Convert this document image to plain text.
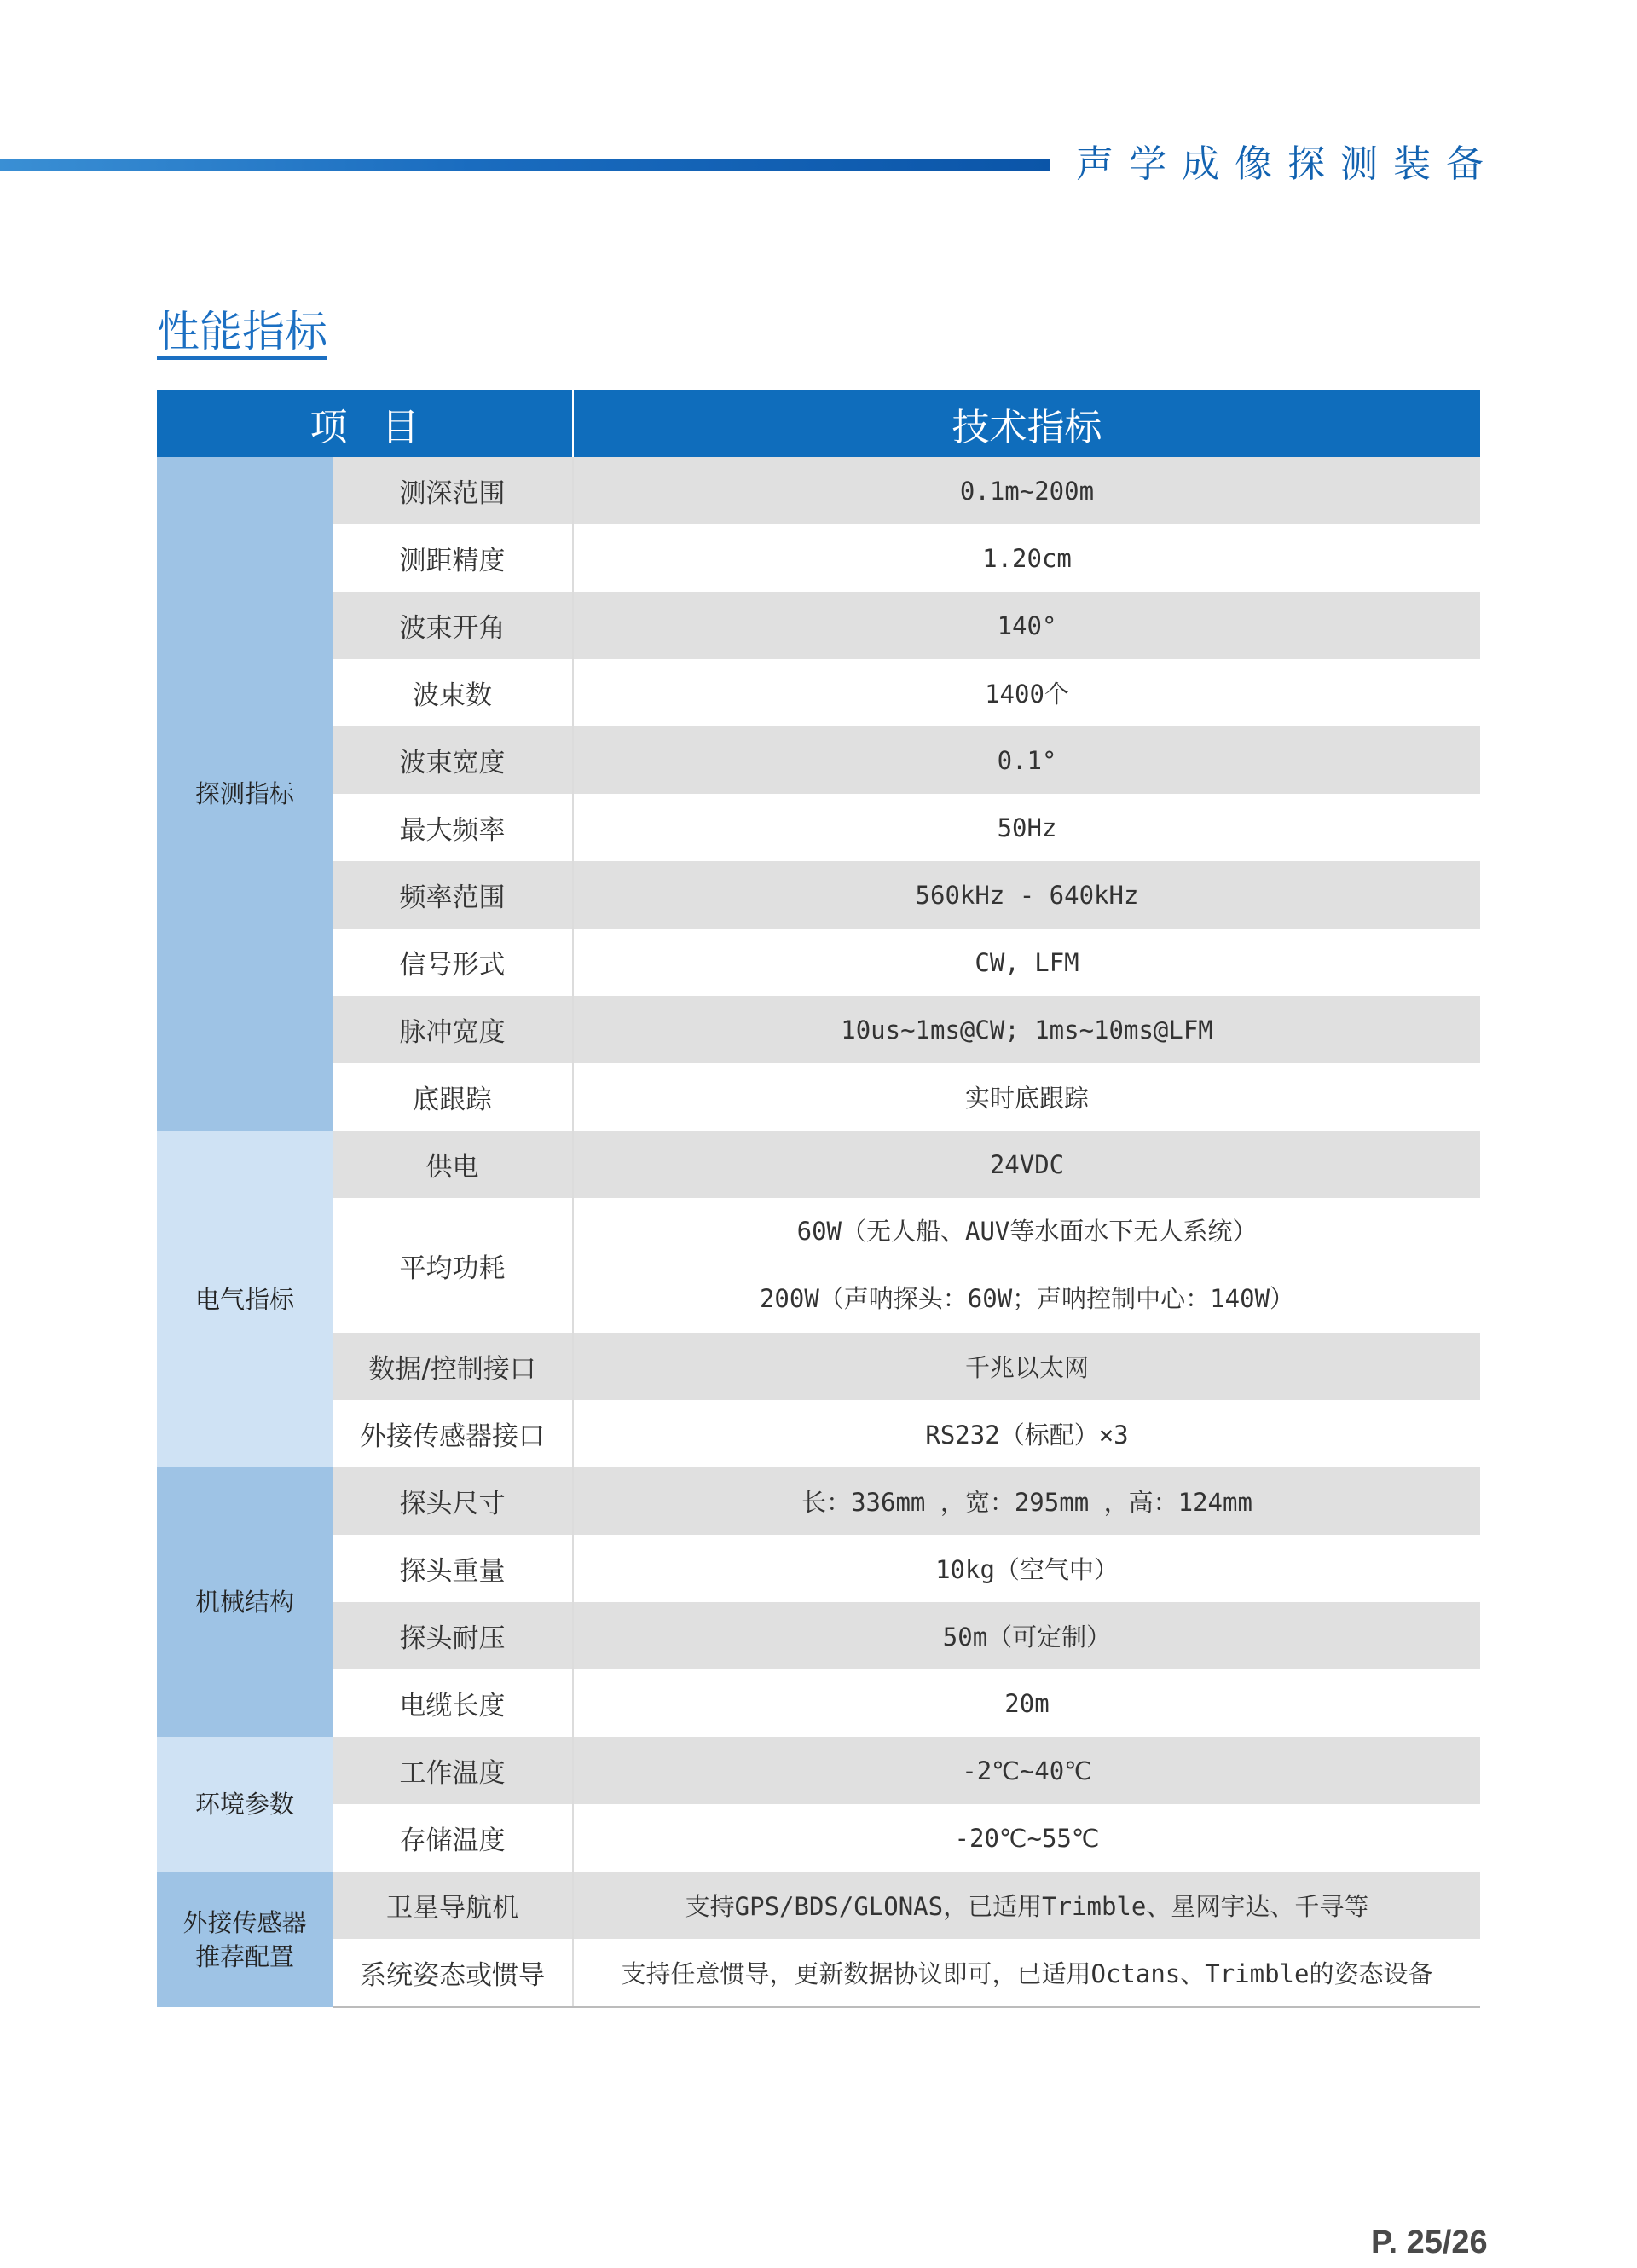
声学成像探测装备
性能指标
项目		技术指标
探测指标	测深范围	0.1m~200m
	测距精度	1.20cm
	波束开角	140°
	波束数	1400个
	波束宽度	0.1°
	最大频率	50Hz
	频率范围	560kHz - 640kHz
	信号形式	CW, LFM
	脉冲宽度	10us~1ms@CW; 1ms~10ms@LFM
	底跟踪	实时底跟踪
电气指标	供电	24VDC
	平均功耗	60W（无人船、AUV等水面水下无人系统）
200W（声呐探头：60W；声呐控制中心：140W）

	数据/控制接口	千兆以太网
	外接传感器接口	RS232（标配）×3
机械结构	探头尺寸	长：336mm ，宽：295mm ，高：124mm
	探头重量	10kg（空气中）
	探头耐压	50m（可定制）
	电缆长度	20m
环境参数	工作温度	-2℃~40℃
	存储温度	-20℃~55℃

外接传感器
推荐配置	卫星导航机	支持GPS/BDS/GLONAS，已适用Trimble、星网宇达、千寻等
	系统姿态或惯导	支持任意惯导，更新数据协议即可，已适用Octans、Trimble的姿态设备
P. 25/26
